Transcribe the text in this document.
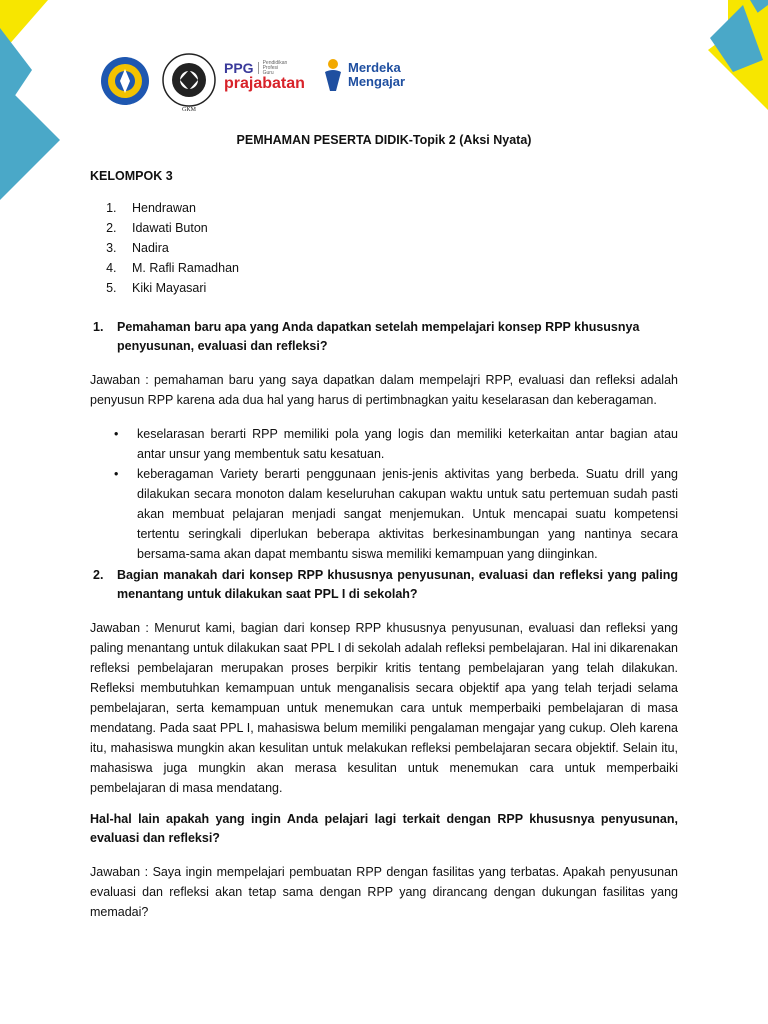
GKM
PPG Pendidikan
Profesi
Guru
prajabatan
Merdeka
Mengajar
PEMHAMAN PESERTA DIDIK-Topik 2 (Aksi Nyata)
KELOMPOK 3
1. Hendrawan
2. Idawati Buton
3. Nadira
4. M. Rafli Ramadhan
5. Kiki Mayasari
1. Pemahaman baru apa yang Anda dapatkan setelah mempelajari konsep RPP khususnya penyusunan, evaluasi dan refleksi?
Jawaban : pemahaman baru yang saya dapatkan dalam mempelajri RPP, evaluasi dan refleksi adalah penyusun RPP karena ada dua hal yang harus di pertimbnagkan yaitu keselarasan dan keberagaman.
• keselarasan berarti RPP memiliki pola yang logis dan memiliki keterkaitan antar bagian atau antar unsur yang membentuk satu kesatuan.
• keberagaman Variety berarti penggunaan jenis-jenis aktivitas yang berbeda. Suatu drill yang dilakukan secara monoton dalam keseluruhan cakupan waktu untuk satu pertemuan sudah pasti akan membuat pelajaran menjadi sangat menjemukan. Untuk mencapai suatu kompetensi tertentu seringkali diperlukan beberapa aktivitas berkesinambungan yang nantinya secara bersama-sama akan dapat membantu siswa memiliki kemampuan yang diinginkan.
2. Bagian manakah dari konsep RPP khususnya penyusunan, evaluasi dan refleksi yang paling menantang untuk dilakukan saat PPL I di sekolah?
Jawaban : Menurut kami, bagian dari konsep RPP khususnya penyusunan, evaluasi dan refleksi yang paling menantang untuk dilakukan saat PPL I di sekolah adalah refleksi pembelajaran. Hal ini dikarenakan refleksi pembelajaran merupakan proses berpikir kritis tentang pembelajaran yang telah dilakukan. Refleksi membutuhkan kemampuan untuk menganalisis secara objektif apa yang telah terjadi selama pembelajaran, serta kemampuan untuk menemukan cara untuk memperbaiki pembelajaran di masa mendatang. Pada saat PPL I, mahasiswa belum memiliki pengalaman mengajar yang cukup. Oleh karena itu, mahasiswa mungkin akan kesulitan untuk melakukan refleksi pembelajaran secara objektif. Selain itu, mahasiswa juga mungkin akan merasa kesulitan untuk menemukan cara untuk memperbaiki pembelajaran di masa mendatang.
Hal-hal lain apakah yang ingin Anda pelajari lagi terkait dengan RPP khususnya penyusunan, evaluasi dan refleksi?
Jawaban : Saya ingin mempelajari pembuatan RPP dengan fasilitas yang terbatas. Apakah penyusunan evaluasi dan refleksi akan tetap sama dengan RPP yang dirancang dengan dukungan fasilitas yang memadai?
